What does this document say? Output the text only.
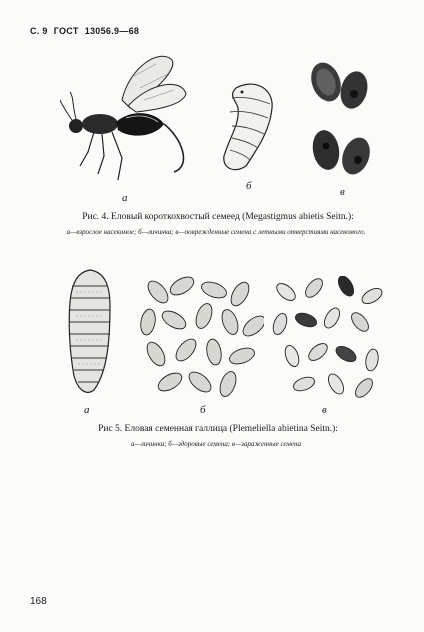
С. 9 ГОСТ 13056.9—68
а
б	в
Рис. 4. Еловый короткохвостый семеед (Megastigmus abietis Seitn.):
а—взрослое насекомое; б—личинка; в—поврежденные семена с летными отверстиями насекомого.
а	б	в
Рис 5. Еловая семенная галлица (Plemeliella abietina Seitn.):
а—личинка; б—здоровые семена; в—зараженные семена
168
